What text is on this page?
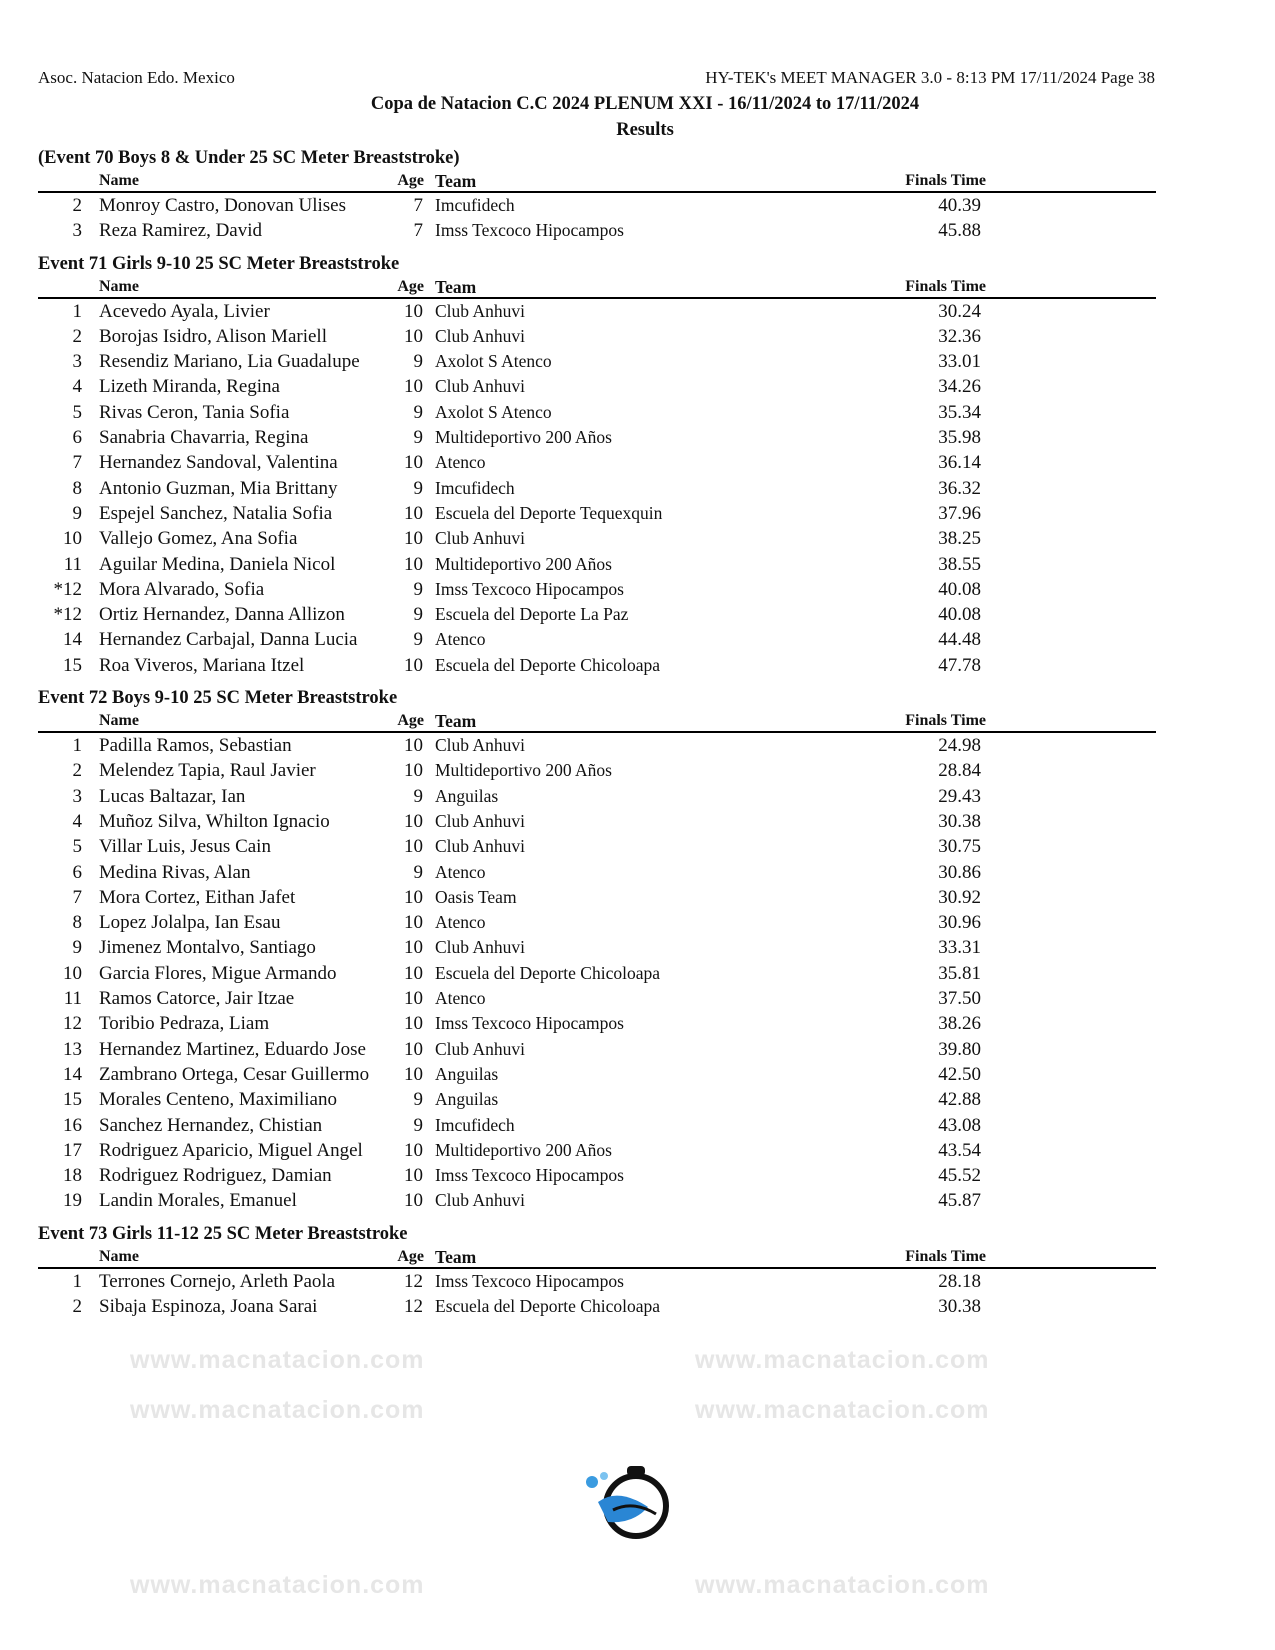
Asoc. Natacion Edo. Mexico	HY-TEK's MEET MANAGER 3.0 - 8:13 PM 17/11/2024 Page 38
Copa de Natacion C.C 2024 PLENUM XXI - 16/11/2024 to 17/11/2024
Results
www.macnatacion.com	www.macnatacion.com
www.macnatacion.com	www.macnatacion.com
www.macnatacion.com	www.macnatacion.com
(Event 70 Boys 8 & Under 25 SC Meter Breaststroke)
Name	Age Team	Finals Time
2 Monroy Castro, Donovan Ulises	7 Imcufidech	40.39
3 Reza Ramirez, David	7 Imss Texcoco Hipocampos	45.88
Event 71 Girls 9-10 25 SC Meter Breaststroke
Name	Age Team	Finals Time
1 Acevedo Ayala, Livier	10 Club Anhuvi	30.24
2 Borojas Isidro, Alison Mariell	10 Club Anhuvi	32.36
3 Resendiz Mariano, Lia Guadalupe	9 Axolot S Atenco	33.01
4 Lizeth Miranda, Regina	10 Club Anhuvi	34.26
5 Rivas Ceron, Tania Sofia	9 Axolot S Atenco	35.34
6 Sanabria Chavarria, Regina	9 Multideportivo 200 Años	35.98
7 Hernandez Sandoval, Valentina	10 Atenco	36.14
8 Antonio Guzman, Mia Brittany	9 Imcufidech	36.32
9 Espejel Sanchez, Natalia Sofia	10 Escuela del Deporte Tequexquin	37.96
10 Vallejo Gomez, Ana Sofia	10 Club Anhuvi	38.25
11 Aguilar Medina, Daniela Nicol	10 Multideportivo 200 Años	38.55
*12 Mora Alvarado, Sofia	9 Imss Texcoco Hipocampos	40.08
*12 Ortiz Hernandez, Danna Allizon	9 Escuela del Deporte La Paz	40.08
14 Hernandez Carbajal, Danna Lucia	9 Atenco	44.48
15 Roa Viveros, Mariana Itzel	10 Escuela del Deporte Chicoloapa	47.78
Event 72 Boys 9-10 25 SC Meter Breaststroke
Name	Age Team	Finals Time
1 Padilla Ramos, Sebastian	10 Club Anhuvi	24.98
2 Melendez Tapia, Raul Javier	10 Multideportivo 200 Años	28.84
3 Lucas Baltazar, Ian	9 Anguilas	29.43
4 Muñoz Silva, Whilton Ignacio	10 Club Anhuvi	30.38
5 Villar Luis, Jesus Cain	10 Club Anhuvi	30.75
6 Medina Rivas, Alan	9 Atenco	30.86
7 Mora Cortez, Eithan Jafet	10 Oasis Team	30.92
8 Lopez Jolalpa, Ian Esau	10 Atenco	30.96
9 Jimenez Montalvo, Santiago	10 Club Anhuvi	33.31
10 Garcia Flores, Migue Armando	10 Escuela del Deporte Chicoloapa	35.81
11 Ramos Catorce, Jair Itzae	10 Atenco	37.50
12 Toribio Pedraza, Liam	10 Imss Texcoco Hipocampos	38.26
13 Hernandez Martinez, Eduardo Jose	10 Club Anhuvi	39.80
14 Zambrano Ortega, Cesar Guillermo	10 Anguilas	42.50
15 Morales Centeno, Maximiliano	9 Anguilas	42.88
16 Sanchez Hernandez, Chistian	9 Imcufidech	43.08
17 Rodriguez Aparicio, Miguel Angel	10 Multideportivo 200 Años	43.54
18 Rodriguez Rodriguez, Damian	10 Imss Texcoco Hipocampos	45.52
19 Landin Morales, Emanuel	10 Club Anhuvi	45.87
Event 73 Girls 11-12 25 SC Meter Breaststroke
Name	Age Team	Finals Time
1 Terrones Cornejo, Arleth Paola	12 Imss Texcoco Hipocampos	28.18
2 Sibaja Espinoza, Joana Sarai	12 Escuela del Deporte Chicoloapa	30.38
